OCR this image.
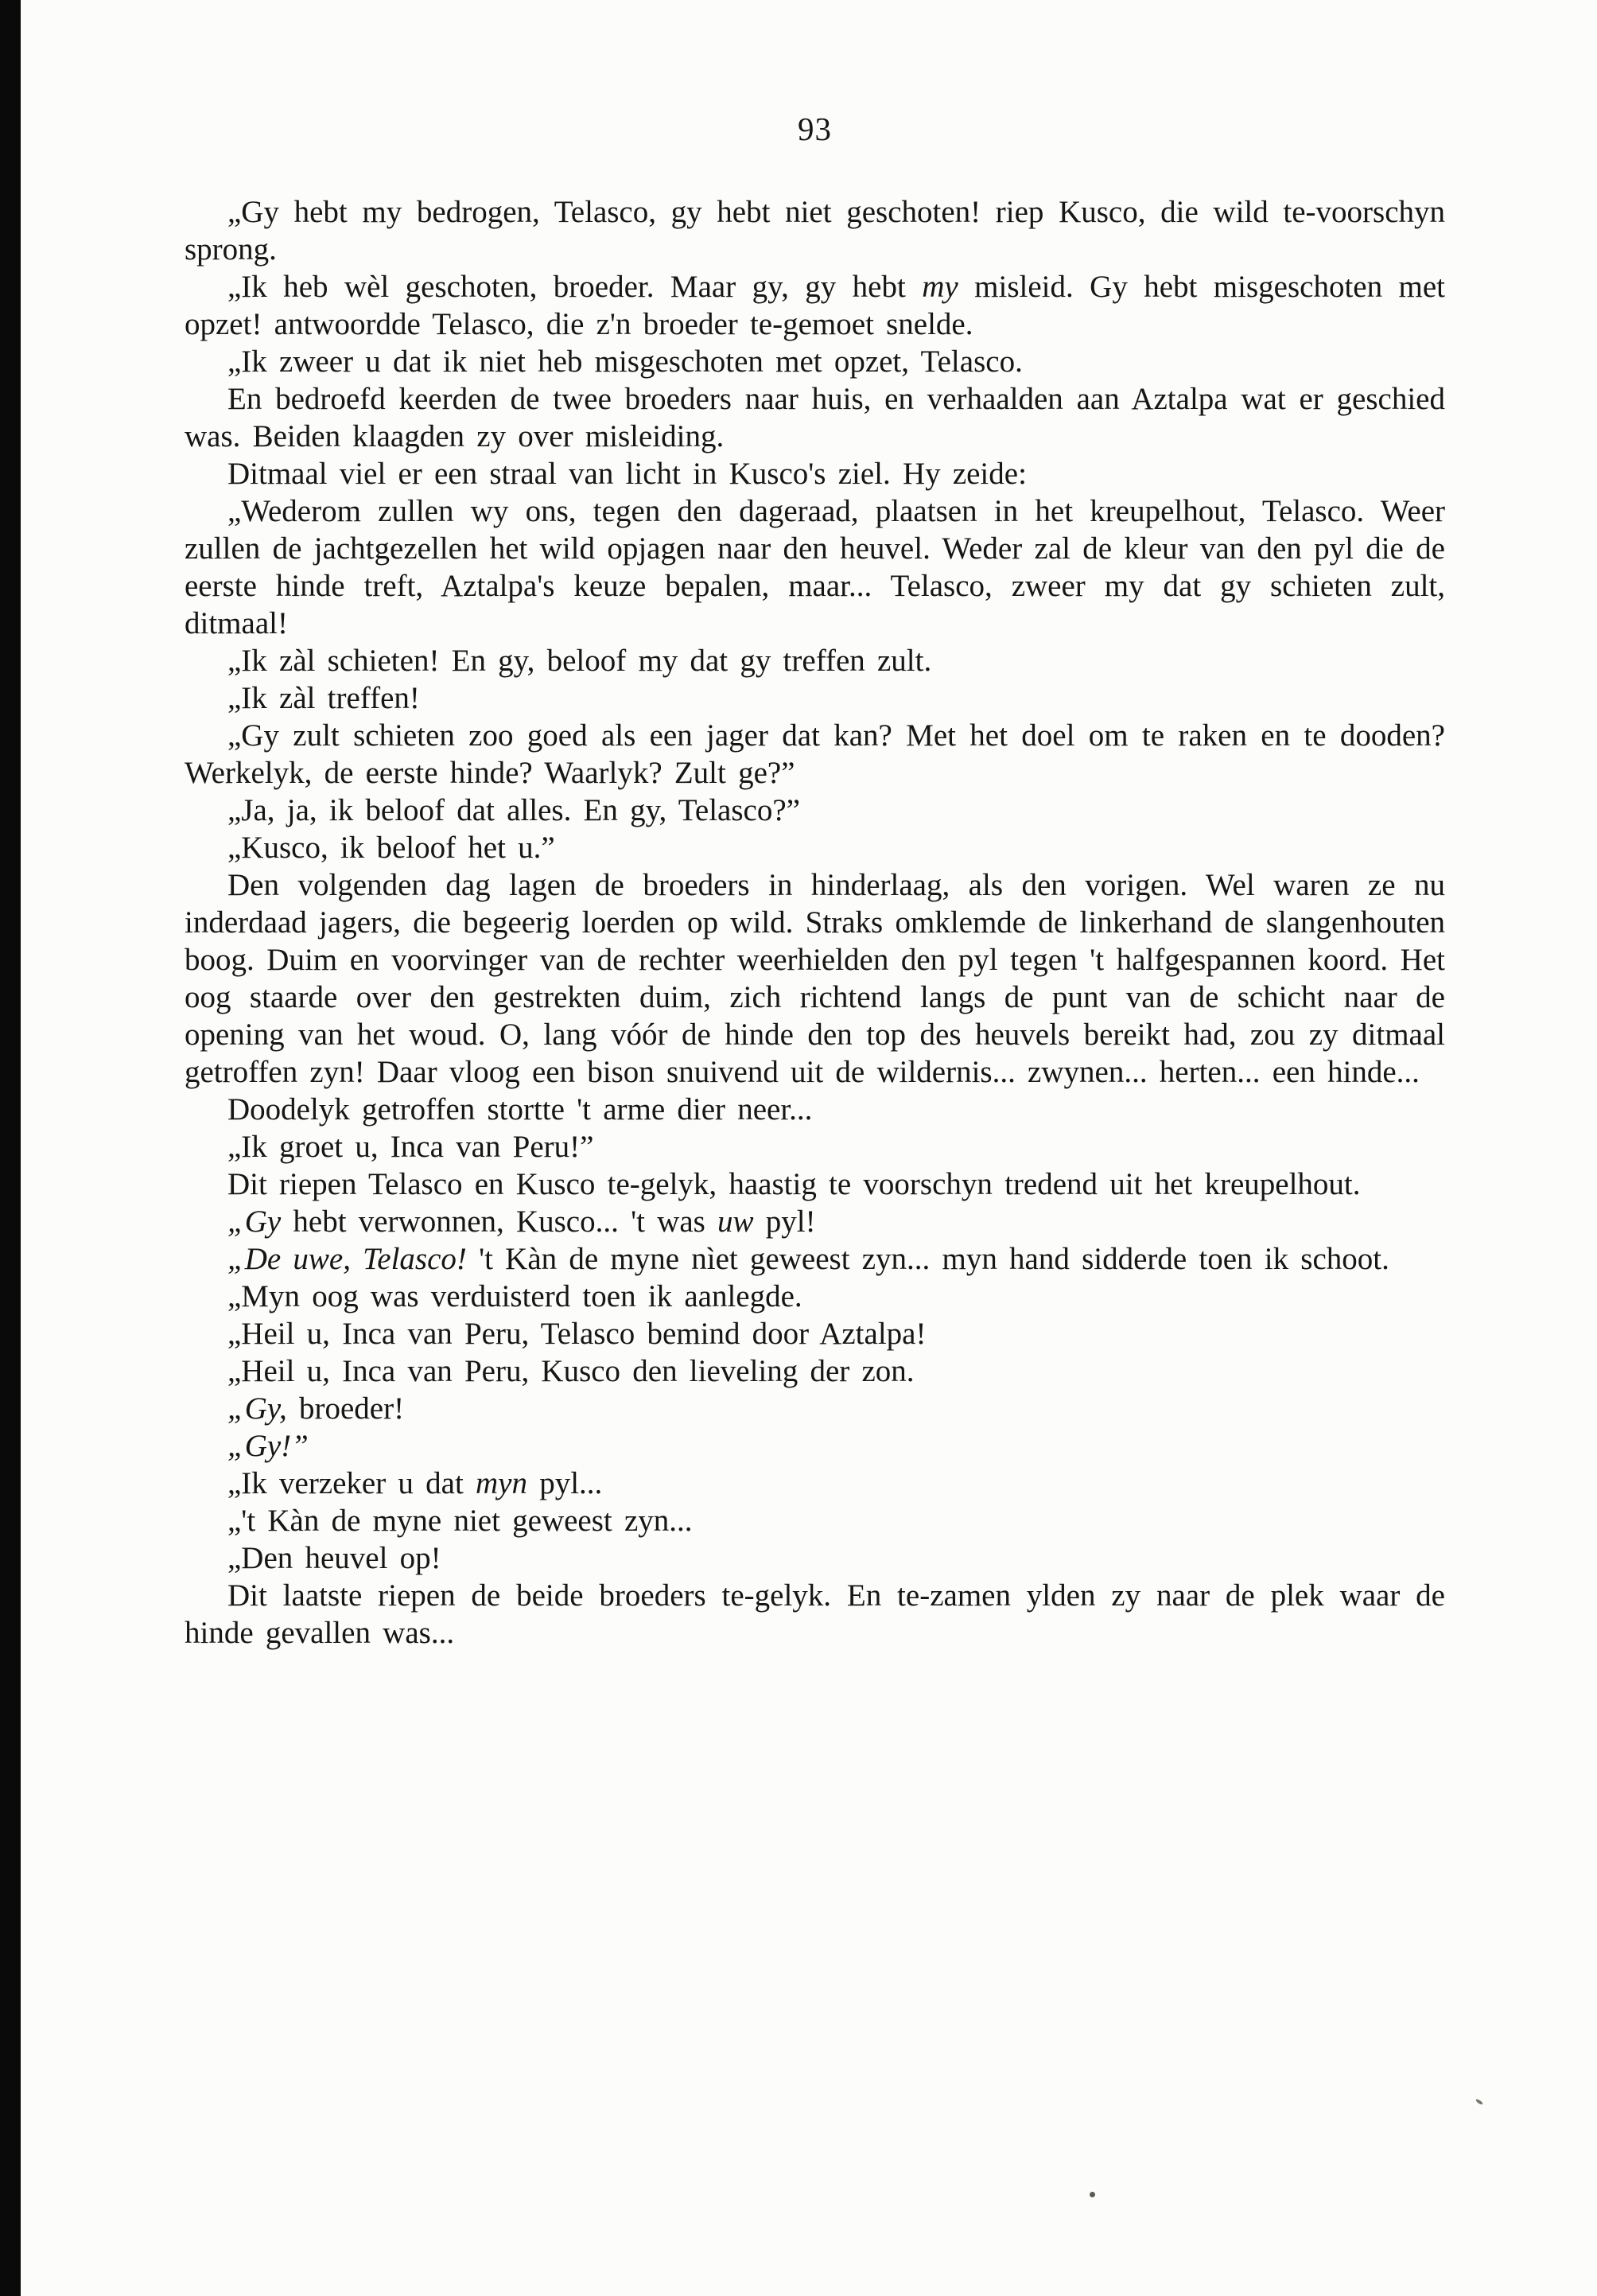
93

„Gy hebt my bedrogen, Telasco, gy hebt niet geschoten! riep Kusco, die wild te-voorschyn sprong.

„Ik heb wèl geschoten, broeder. Maar gy, gy hebt my misleid. Gy hebt misgeschoten met opzet! antwoordde Telasco, die z'n broeder te-gemoet snelde.

„Ik zweer u dat ik niet heb misgeschoten met opzet, Telasco.

En bedroefd keerden de twee broeders naar huis, en verhaalden aan Aztalpa wat er geschied was. Beiden klaagden zy over misleiding.

Ditmaal viel er een straal van licht in Kusco's ziel. Hy zeide:

„Wederom zullen wy ons, tegen den dageraad, plaatsen in het kreupelhout, Telasco. Weer zullen de jachtgezellen het wild opjagen naar den heuvel. Weder zal de kleur van den pyl die de eerste hinde treft, Aztalpa's keuze bepalen, maar... Telasco, zweer my dat gy schieten zult, ditmaal!

„Ik zàl schieten! En gy, beloof my dat gy treffen zult.

„Ik zàl treffen!

„Gy zult schieten zoo goed als een jager dat kan? Met het doel om te raken en te dooden? Werkelyk, de eerste hinde? Waarlyk? Zult ge?”

„Ja, ja, ik beloof dat alles. En gy, Telasco?”

„Kusco, ik beloof het u.”

Den volgenden dag lagen de broeders in hinderlaag, als den vorigen. Wel waren ze nu inderdaad jagers, die begeerig loerden op wild. Straks omklemde de linkerhand de slangenhouten boog. Duim en voorvinger van de rechter weerhielden den pyl tegen 't halfgespannen koord. Het oog staarde over den gestrekten duim, zich richtend langs de punt van de schicht naar de opening van het woud. O, lang vóór de hinde den top des heuvels bereikt had, zou zy ditmaal getroffen zyn! Daar vloog een bison snuivend uit de wildernis... zwynen... herten... een hinde...

Doodelyk getroffen stortte 't arme dier neer...

„Ik groet u, Inca van Peru!”

Dit riepen Telasco en Kusco te-gelyk, haastig te voorschyn tredend uit het kreupelhout.

„Gy hebt verwonnen, Kusco... 't was uw pyl!

„De uwe, Telasco! 't Kàn de myne nìet geweest zyn... myn hand sidderde toen ik schoot.

„Myn oog was verduisterd toen ik aanlegde.

„Heil u, Inca van Peru, Telasco bemind door Aztalpa!

„Heil u, Inca van Peru, Kusco den lieveling der zon.

„Gy, broeder!

„Gy!”

„Ik verzeker u dat myn pyl...

„'t Kàn de myne niet geweest zyn...

„Den heuvel op!

Dit laatste riepen de beide broeders te-gelyk. En te-zamen ylden zy naar de plek waar de hinde gevallen was...
